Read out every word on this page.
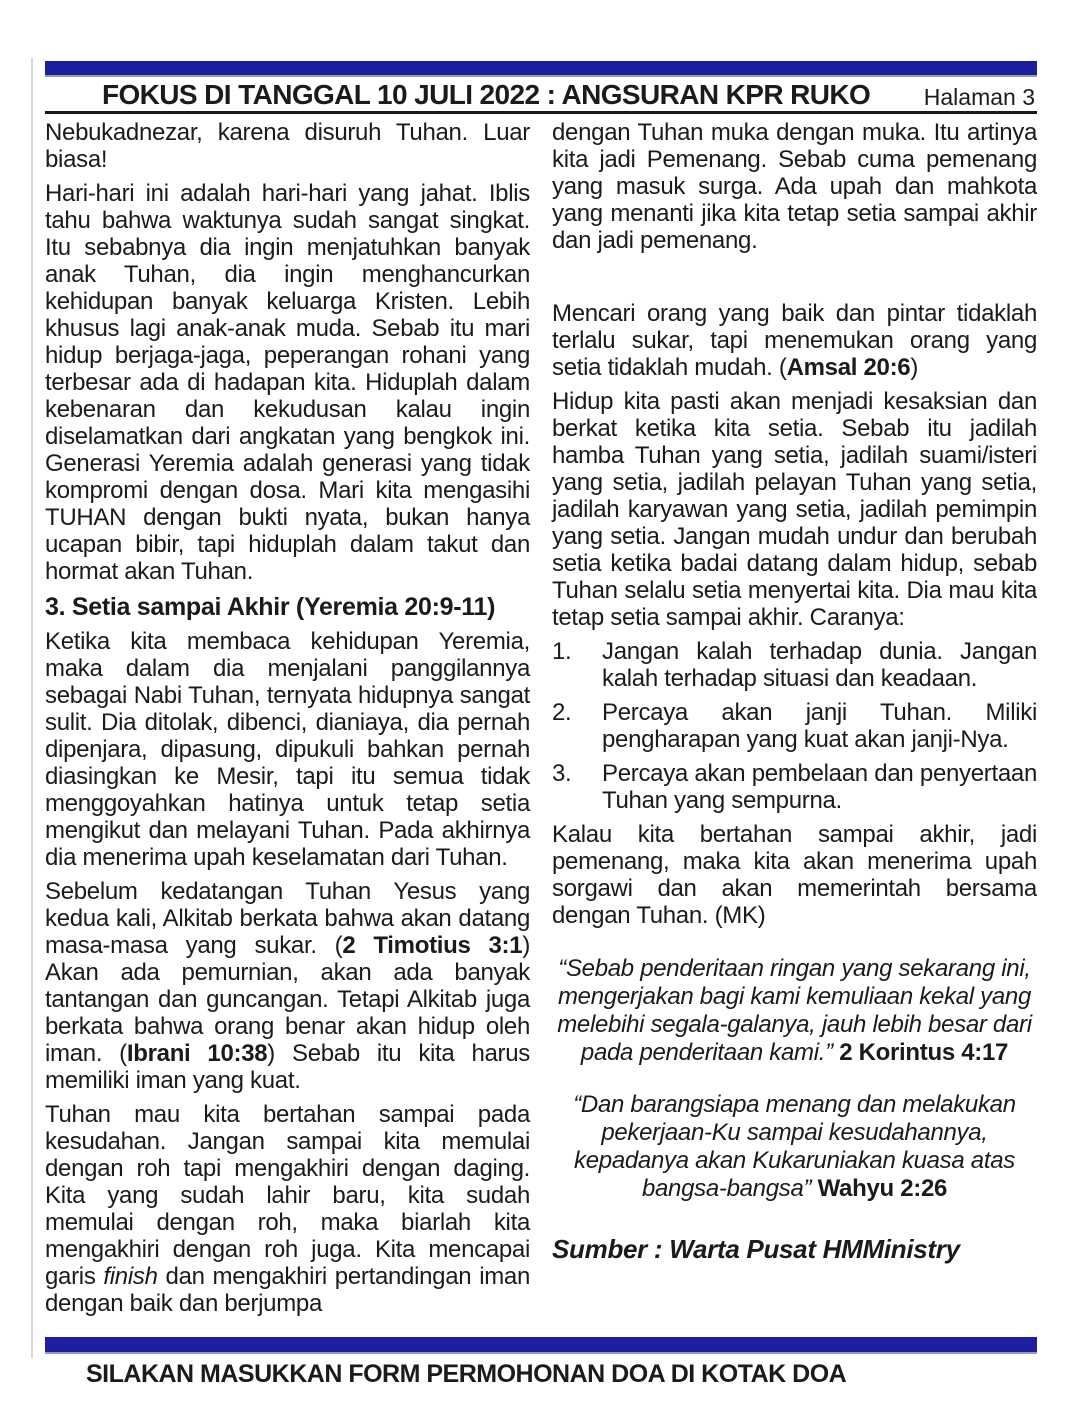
FOKUS DI TANGGAL 10 JULI 2022 : ANGSURAN KPR RUKO Halaman 3

Nebukadnezar, karena disuruh Tuhan. Luar biasa!

Hari-hari ini adalah hari-hari yang jahat. Iblis tahu bahwa waktunya sudah sangat singkat. Itu sebabnya dia ingin menjatuhkan banyak anak Tuhan, dia ingin menghancurkan kehidupan banyak keluarga Kristen. Lebih khusus lagi anak-anak muda. Sebab itu mari hidup berjaga-jaga, peperangan rohani yang terbesar ada di hadapan kita. Hiduplah dalam kebenaran dan kekudusan kalau ingin diselamatkan dari angkatan yang bengkok ini. Generasi Yeremia adalah generasi yang tidak kompromi dengan dosa. Mari kita mengasihi TUHAN dengan bukti nyata, bukan hanya ucapan bibir, tapi hiduplah dalam takut dan hormat akan Tuhan.

3. Setia sampai Akhir (Yeremia 20:9-11)

Ketika kita membaca kehidupan Yeremia, maka dalam dia menjalani panggilannya sebagai Nabi Tuhan, ternyata hidupnya sangat sulit. Dia ditolak, dibenci, dianiaya, dia pernah dipenjara, dipasung, dipukuli bahkan pernah diasingkan ke Mesir, tapi itu semua tidak menggoyahkan hatinya untuk tetap setia mengikut dan melayani Tuhan. Pada akhirnya dia menerima upah keselamatan dari Tuhan.

Sebelum kedatangan Tuhan Yesus yang kedua kali, Alkitab berkata bahwa akan datang masa-masa yang sukar. (2 Timotius 3:1) Akan ada pemurnian, akan ada banyak tantangan dan guncangan. Tetapi Alkitab juga berkata bahwa orang benar akan hidup oleh iman. (Ibrani 10:38) Sebab itu kita harus memiliki iman yang kuat.

Tuhan mau kita bertahan sampai pada kesudahan. Jangan sampai kita memulai dengan roh tapi mengakhiri dengan daging. Kita yang sudah lahir baru, kita sudah memulai dengan roh, maka biarlah kita mengakhiri dengan roh juga. Kita mencapai garis finish dan mengakhiri pertandingan iman dengan baik dan berjumpa

dengan Tuhan muka dengan muka. Itu artinya kita jadi Pemenang. Sebab cuma pemenang yang masuk surga. Ada upah dan mahkota yang menanti jika kita tetap setia sampai akhir dan jadi pemenang.

Mencari orang yang baik dan pintar tidaklah terlalu sukar, tapi menemukan orang yang setia tidaklah mudah. (Amsal 20:6)

Hidup kita pasti akan menjadi kesaksian dan berkat ketika kita setia. Sebab itu jadilah hamba Tuhan yang setia, jadilah suami/isteri yang setia, jadilah pelayan Tuhan yang setia, jadilah karyawan yang setia, jadilah pemimpin yang setia. Jangan mudah undur dan berubah setia ketika badai datang dalam hidup, sebab Tuhan selalu setia menyertai kita. Dia mau kita tetap setia sampai akhir. Caranya:

1.	Jangan kalah terhadap dunia. Jangan kalah terhadap situasi dan keadaan.
2.	Percaya akan janji Tuhan. Miliki pengharapan yang kuat akan janji-Nya.
3.	Percaya akan pembelaan dan penyertaan Tuhan yang sempurna.

Kalau kita bertahan sampai akhir, jadi pemenang, maka kita akan menerima upah sorgawi dan akan memerintah bersama dengan Tuhan. (MK)

“Sebab penderitaan ringan yang sekarang ini, mengerjakan bagi kami kemuliaan kekal yang melebihi segala-galanya, jauh lebih besar dari pada penderitaan kami.” 2 Korintus 4:17
“Dan barangsiapa menang dan melakukan pekerjaan-Ku sampai kesudahannya, kepadanya akan Kukaruniakan kuasa atas bangsa-bangsa” Wahyu 2:26
Sumber : Warta Pusat HMMinistry
SILAKAN MASUKKAN FORM PERMOHONAN DOA DI KOTAK DOA
